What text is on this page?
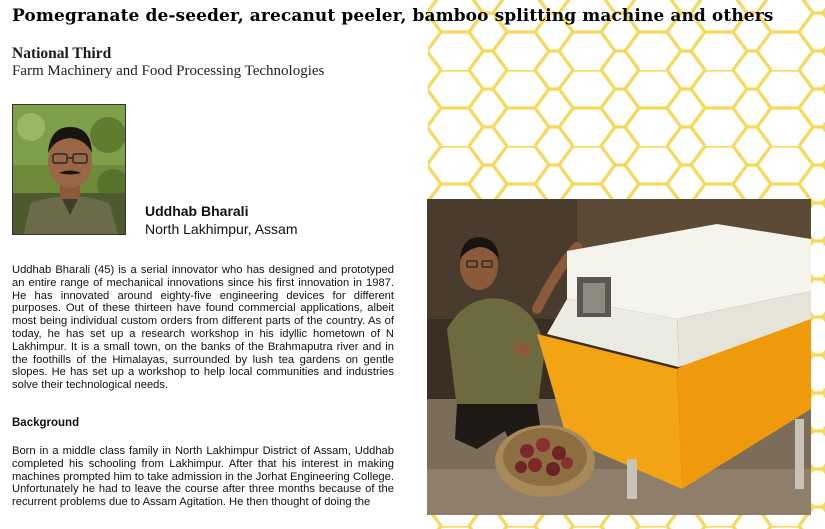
Pomegranate de-seeder, arecanut peeler, bamboo splitting machine and others
National Third
Farm Machinery and Food Processing Technologies
Uddhab Bharali
North Lakhimpur, Assam

Uddhab Bharali (45) is a serial innovator who has designed and prototyped an entire range of mechanical innovations since his first innovation in 1987. He has innovated around eighty-five engineering devices for different purposes. Out of these thirteen have found commercial applications, albeit most being individual custom orders from different parts of the country. As of today, he has set up a research workshop in his idyllic hometown of N Lakhimpur. It is a small town, on the banks of the Brahmaputra river and in the foothills of the Himalayas, surrounded by lush tea gardens on gentle slopes. He has set up a workshop to help local communities and industries solve their technological needs.

Background

Born in a middle class family in North Lakhimpur District of Assam, Uddhab completed his schooling from Lakhimpur. After that his interest in making machines prompted him to take admission in the Jorhat Engineering College. Unfortunately he had to leave the course after three months because of the recurrent problems due to Assam Agitation. He then thought of doing the
